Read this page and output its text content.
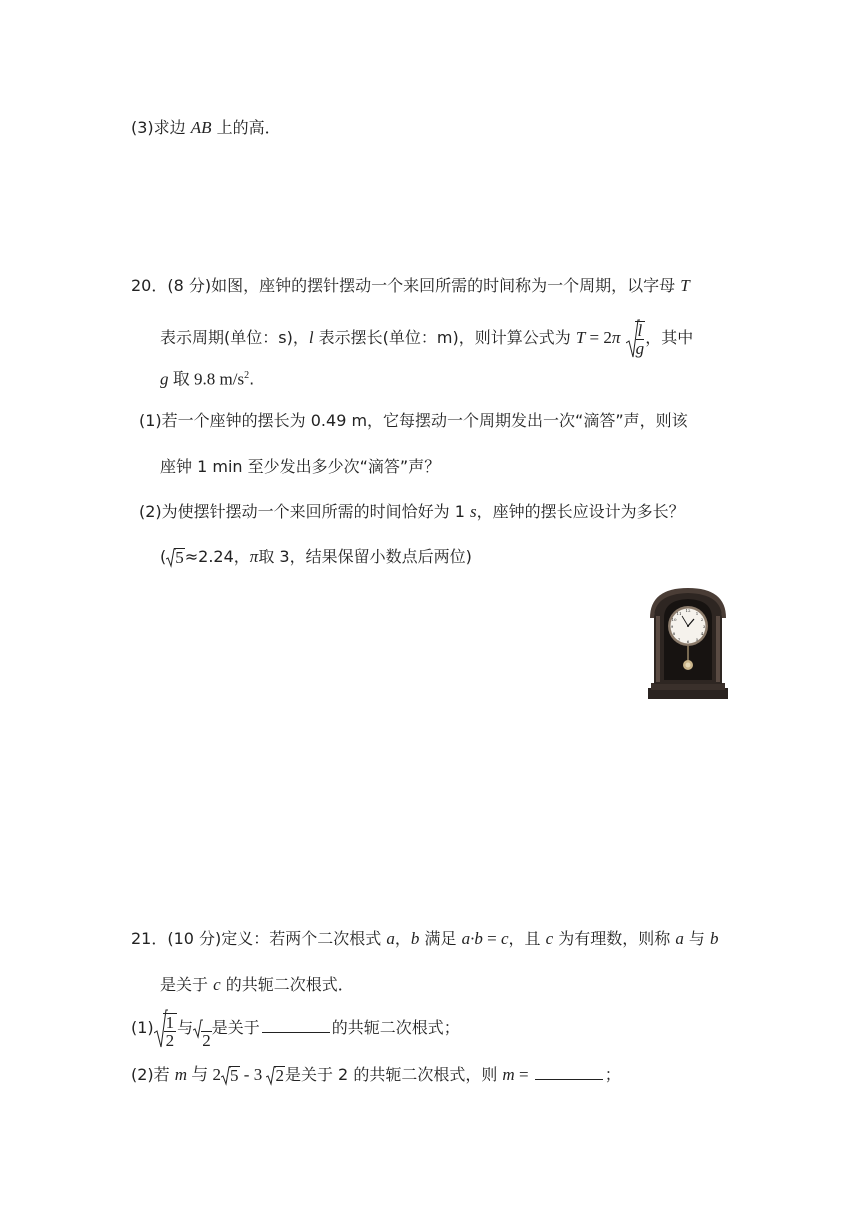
(3)求边 AB 上的高．
20．(8 分)如图，座钟的摆针摆动一个来回所需的时间称为一个周期，以字母 T
表示周期(单位：s)，l 表示摆长(单位：m)，则计算公式为 $T = 2\pi \frac{l}{g}$ ，其中
g 取 9.8 $m/s^2$.
(1)若一个座钟的摆长为 0.49 m，它每摆动一个周期发出一次“滴答”声，则该
座钟 1 min 至少发出多少次“滴答”声？
(2)为使摆针摆动一个来回所需的时间恰好为 1 s，座钟的摆长应设计为多长？
( 5≈2.24，π取 3，结果保留小数点后两位)
12
1
2
3
4
5
6
7
8
9
10
11
21．(10 分)定义：若两个二次根式 a，b 满足 a·b = c，且 c 为有理数，则称 a 与 b
是关于 c 的共轭二次根式．
$(1) \frac{1}{2}$ 与
2是关于	的共轭二次根式；
(2)若 m 与 2 5 - 3
2是关于 2 的共轭二次根式，则 m =	；
